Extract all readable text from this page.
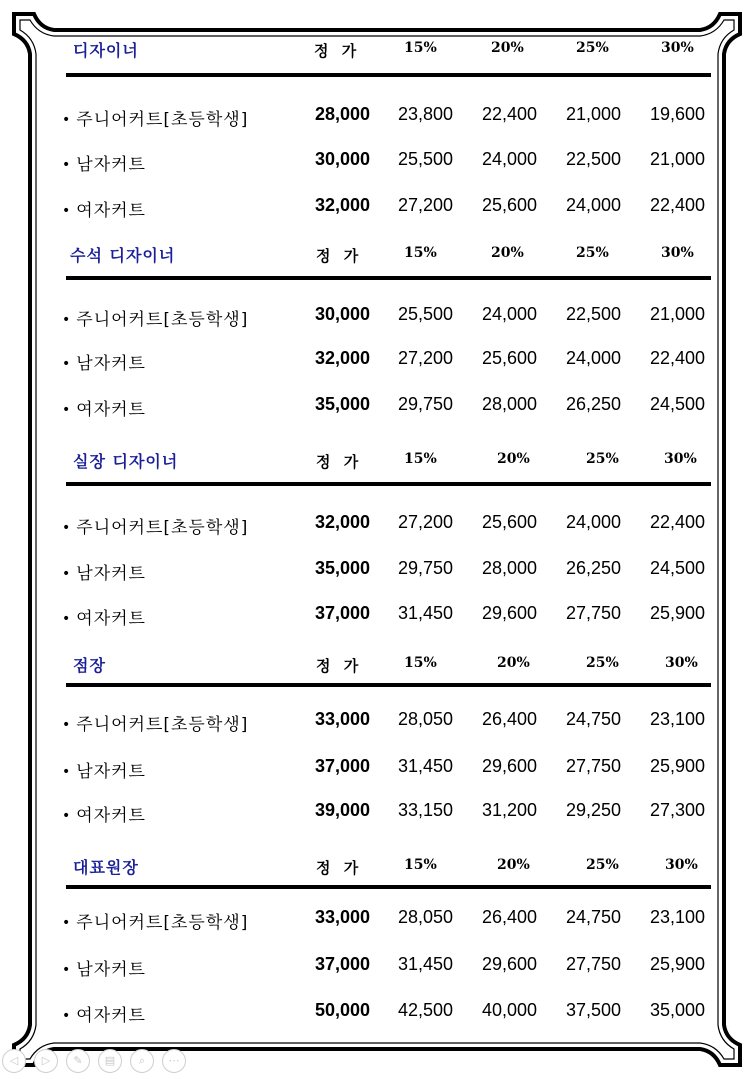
디자이너	정 가	15%	20%	25%	30%
• 주니어커트[초등학생]	28,000	23,800	22,400	21,000	19,600
• 남자커트	30,000	25,500	24,000	22,500	21,000
• 여자커트	32,000	27,200	25,600	24,000	22,400
수석 디자이너	정 가	15%	20%	25%	30%
• 주니어커트[초등학생]	30,000	25,500	24,000	22,500	21,000
• 남자커트	32,000	27,200	25,600	24,000	22,400
• 여자커트	35,000	29,750	28,000	26,250	24,500
실장 디자이너	정 가	15%	20%	25%	30%
• 주니어커트[초등학생]	32,000	27,200	25,600	24,000	22,400
• 남자커트	35,000	29,750	28,000	26,250	24,500
• 여자커트	37,000	31,450	29,600	27,750	25,900
점장	정 가	15%	20%	25%	30%
• 주니어커트[초등학생]	33,000	28,050	26,400	24,750	23,100
• 남자커트	37,000	31,450	29,600	27,750	25,900
• 여자커트	39,000	33,150	31,200	29,250	27,300
대표원장	정 가	15%	20%	25%	30%
• 주니어커트[초등학생]	33,000	28,050	26,400	24,750	23,100
• 남자커트	37,000	31,450	29,600	27,750	25,900
• 여자커트	50,000	42,500	40,000	37,500	35,000
◁	▷	✎	▤	⌕	⋯
